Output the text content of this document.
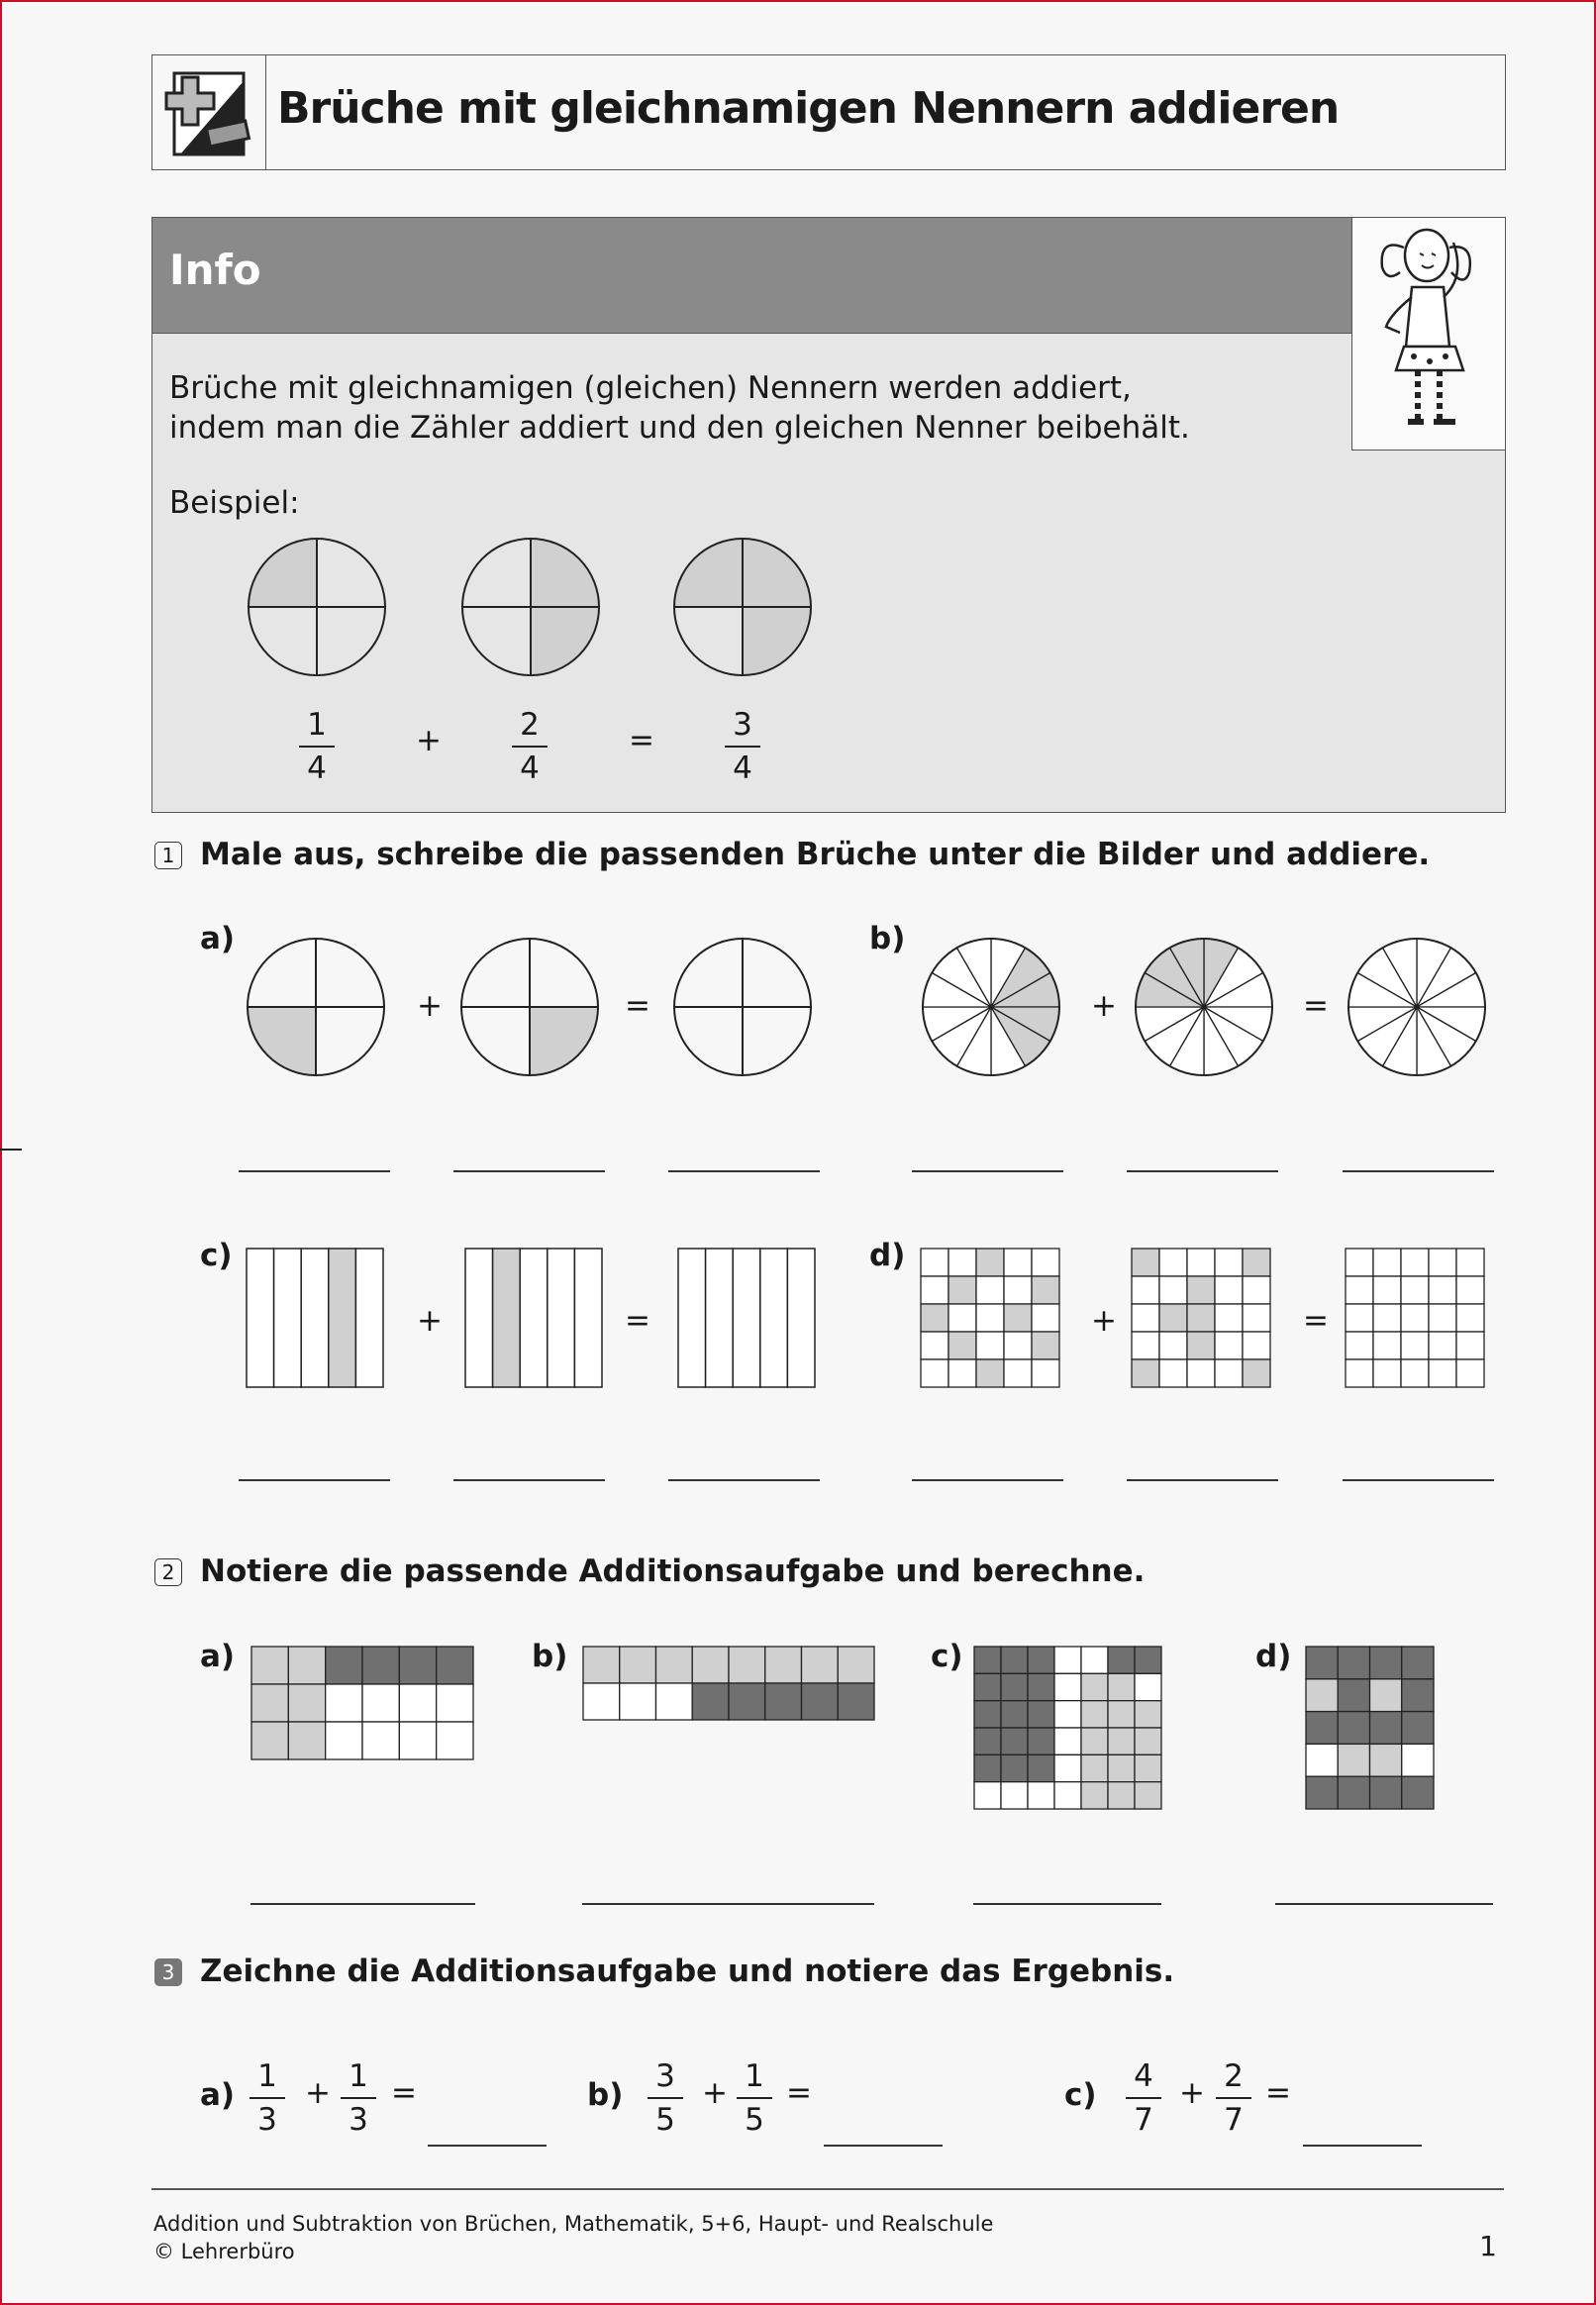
Brüche mit gleichnamigen Nennern addieren
Info
Brüche mit gleichnamigen (gleichen) Nennern werden addiert,
indem man die Zähler addiert und den gleichen Nenner beibehält.
Beispiel:
1
4
+	2
4
=	3
4
1 Male aus, schreibe die passenden Brüche unter die Bilder und addiere.
a)	b)
c)	d)
+	=	+	=
+	=	+	=
2 Notiere die passende Additionsaufgabe und berechne.
a)	b)	c)	d)
3 Zeichne die Additionsaufgabe und notiere das Ergebnis.
a)
1
3
+ 1
3
=	b)
3
5
+ 1
5
=	c)
4
7
+ 2
7
=
Addition und Subtraktion von Brüchen, Mathematik, 5+6, Haupt- und Realschule
© Lehrerbüro	1
